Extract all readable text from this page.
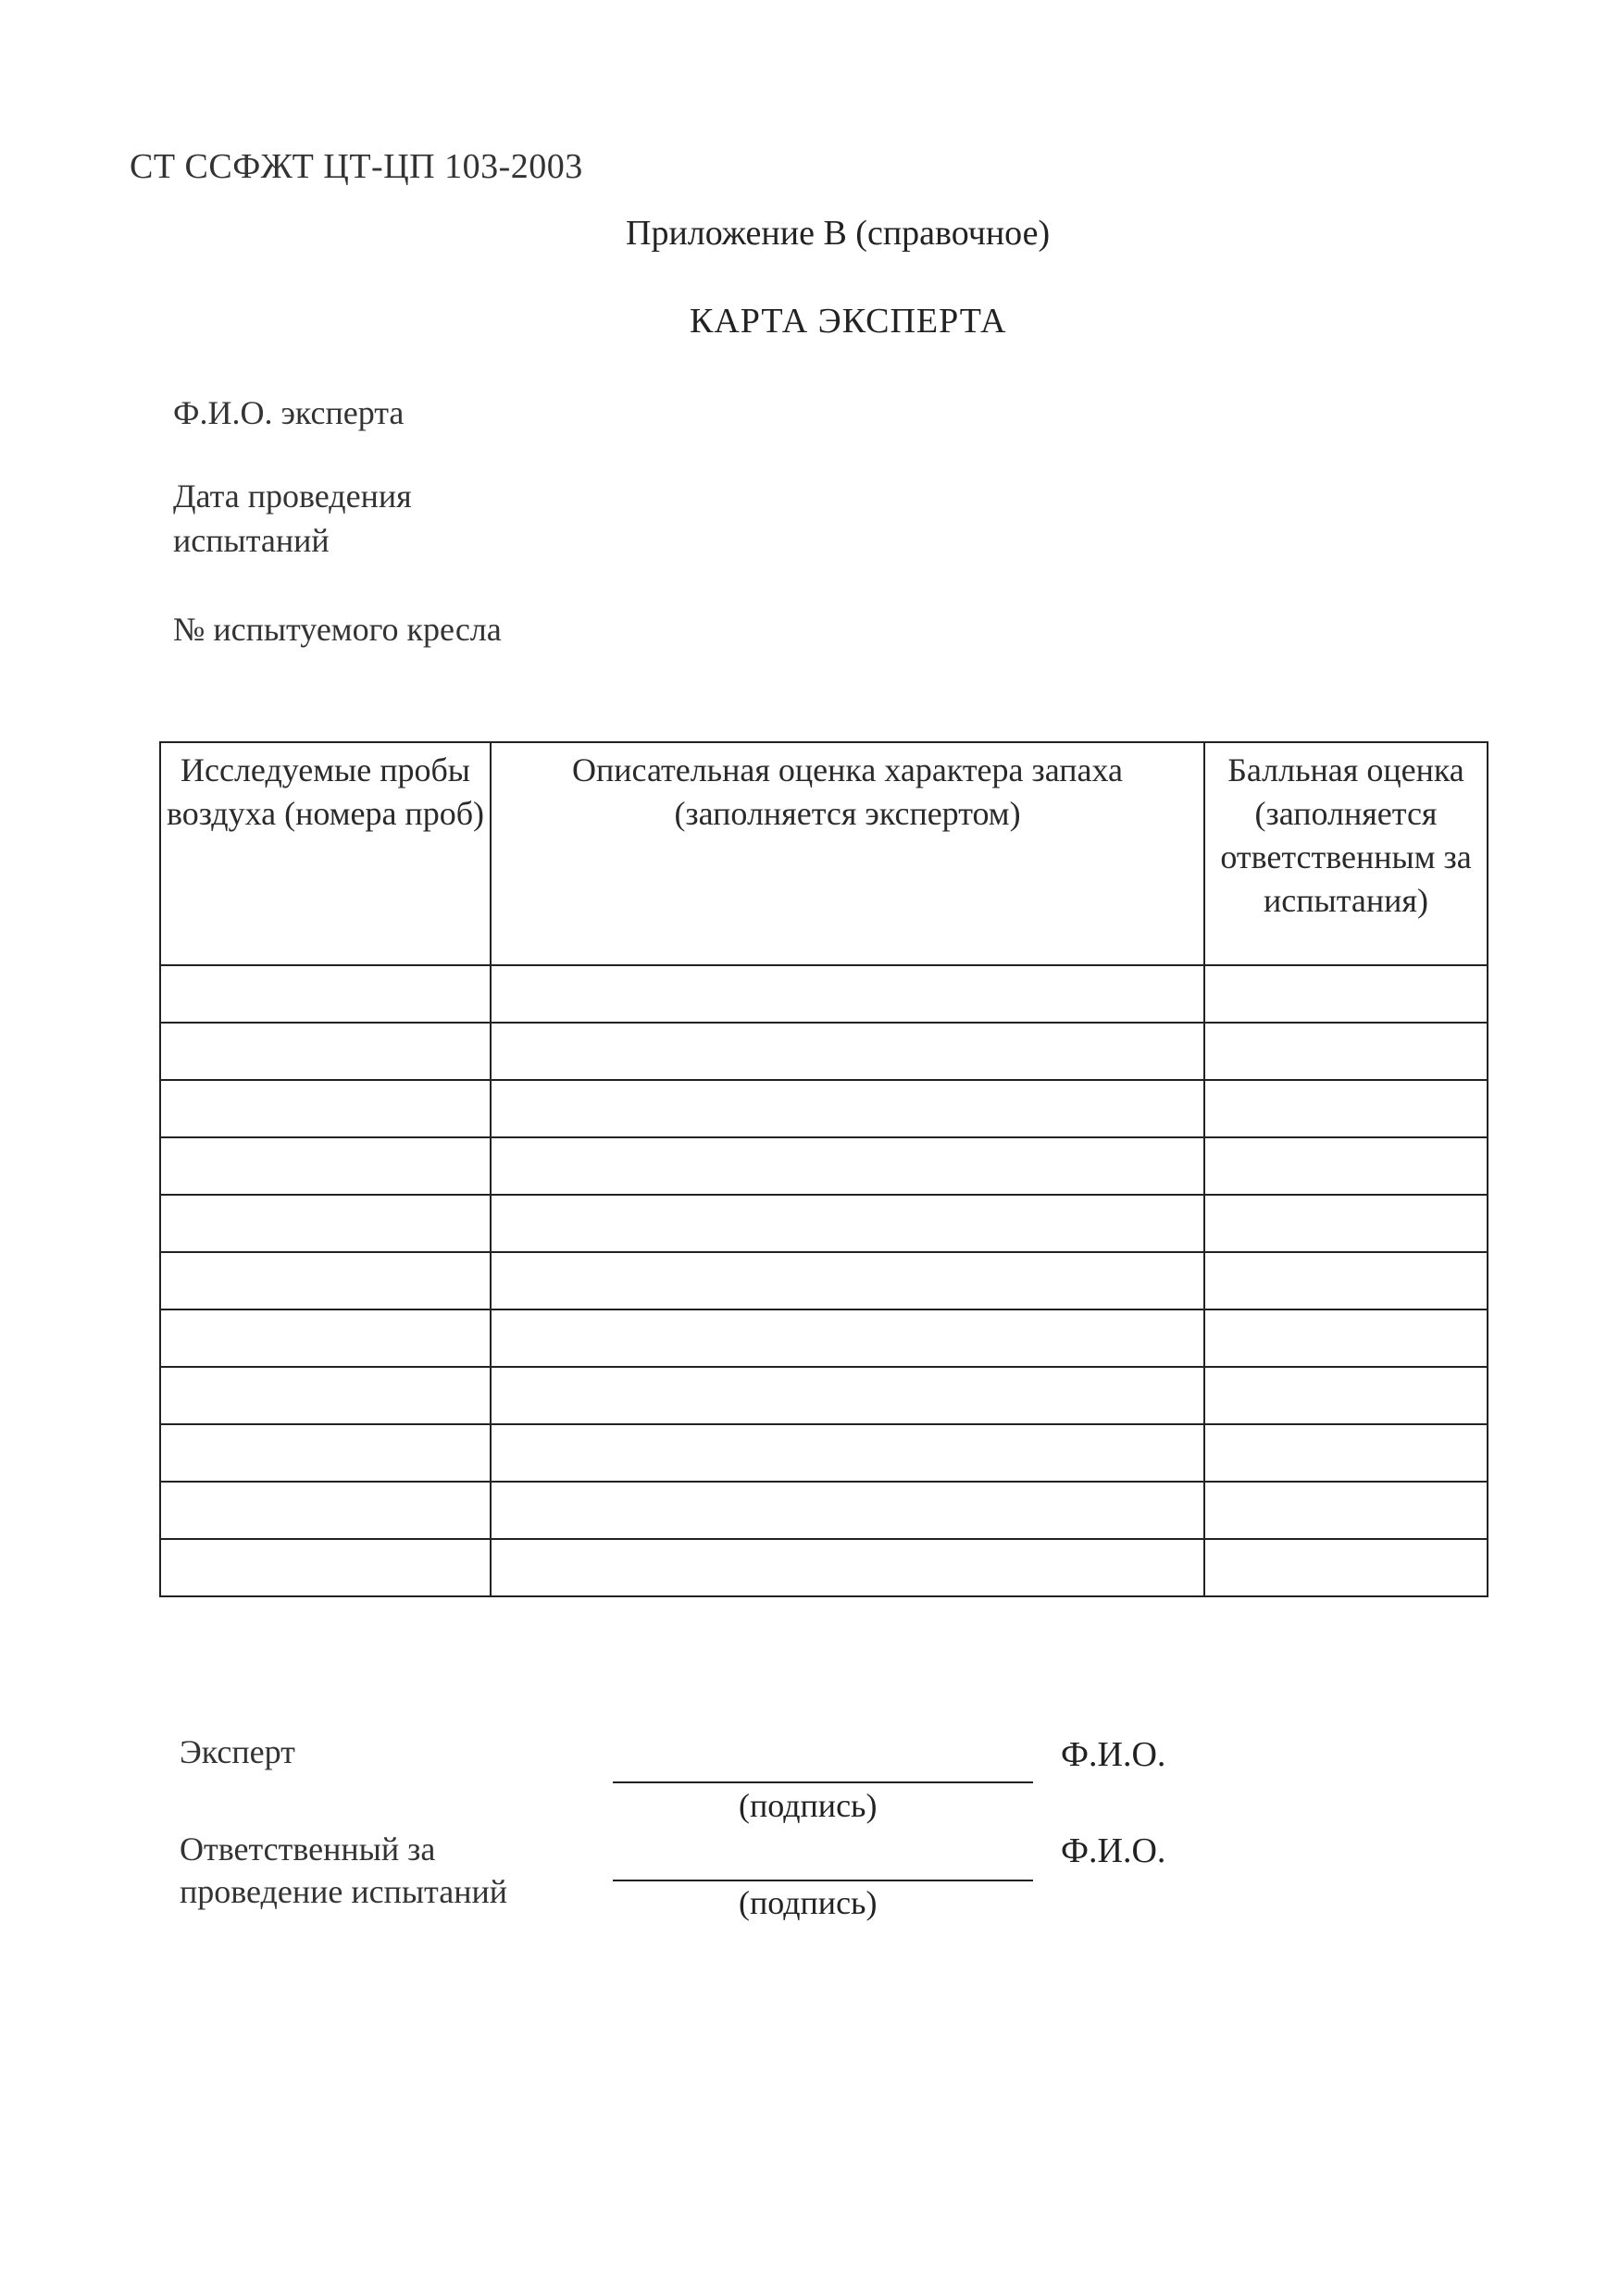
СТ ССФЖТ ЦТ-ЦП 103-2003
Приложение В (справочное)
КАРТА ЭКСПЕРТА
Ф.И.О. эксперта
Дата проведения испытаний
№ испытуемого кресла
Исследуемые пробы воздуха (номера проб)	Описательная оценка характера запаха (заполняется экспертом)	Балльная оценка (заполняется ответственным за испытания)

Эксперт
(подпись)
Ф.И.О.
Ответственный за проведение испытаний	(подпись)
Ф.И.О.
